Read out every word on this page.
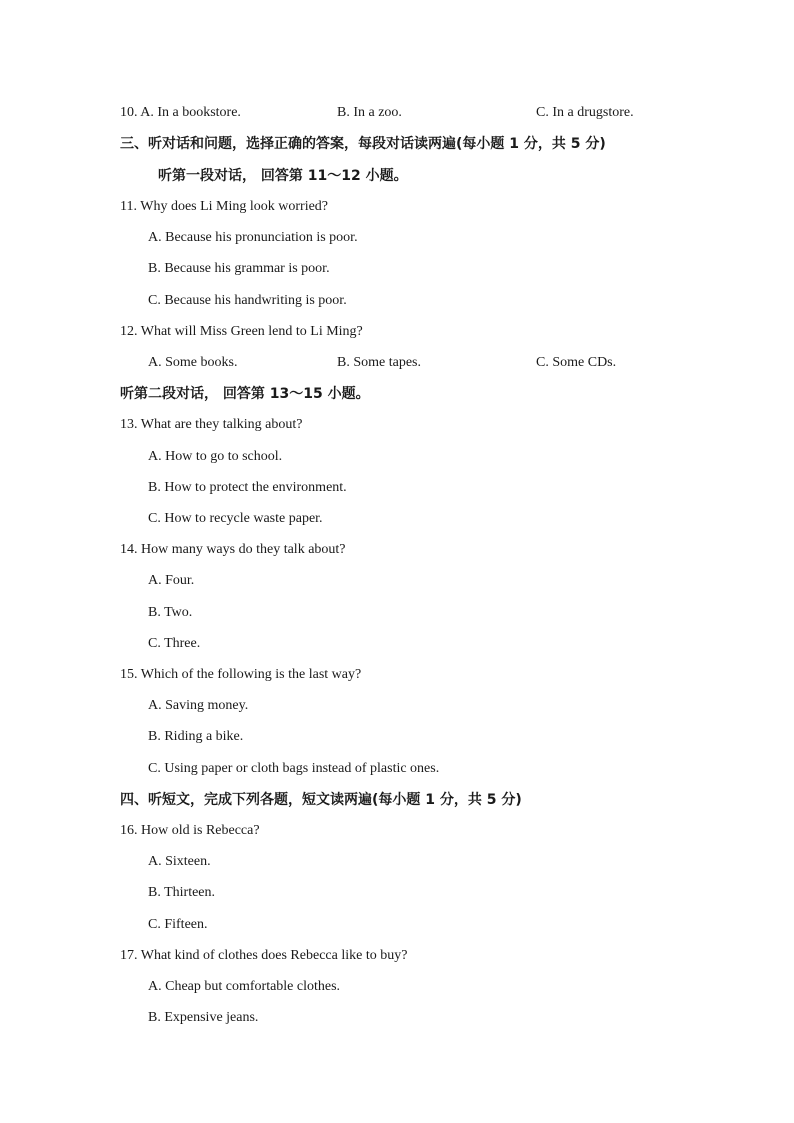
10. A. In a bookstore.	B. In a zoo.	C. In a drugstore.
三、听对话和问题，选择正确的答案，每段对话读两遍(每小题 1 分，共 5 分)
听第一段对话， 回答第 11～12 小题。
11. Why does Li Ming look worried?
A. Because his pronunciation is poor.
B. Because his grammar is poor.
C. Because his handwriting is poor.
12. What will Miss Green lend to Li Ming?
A. Some books.	B. Some tapes.	C. Some CDs.
听第二段对话， 回答第 13～15 小题。
13. What are they talking about?
A. How to go to school.
B. How to protect the environment.
C. How to recycle waste paper.
14. How many ways do they talk about?
A. Four.
B. Two.
C. Three.
15. Which of the following is the last way?
A. Saving money.
B. Riding a bike.
C. Using paper or cloth bags instead of plastic ones.
四、听短文，完成下列各题，短文读两遍(每小题 1 分，共 5 分)
16. How old is Rebecca?
A. Sixteen.
B. Thirteen.
C. Fifteen.
17. What kind of clothes does Rebecca like to buy?
A. Cheap but comfortable clothes.
B. Expensive jeans.
